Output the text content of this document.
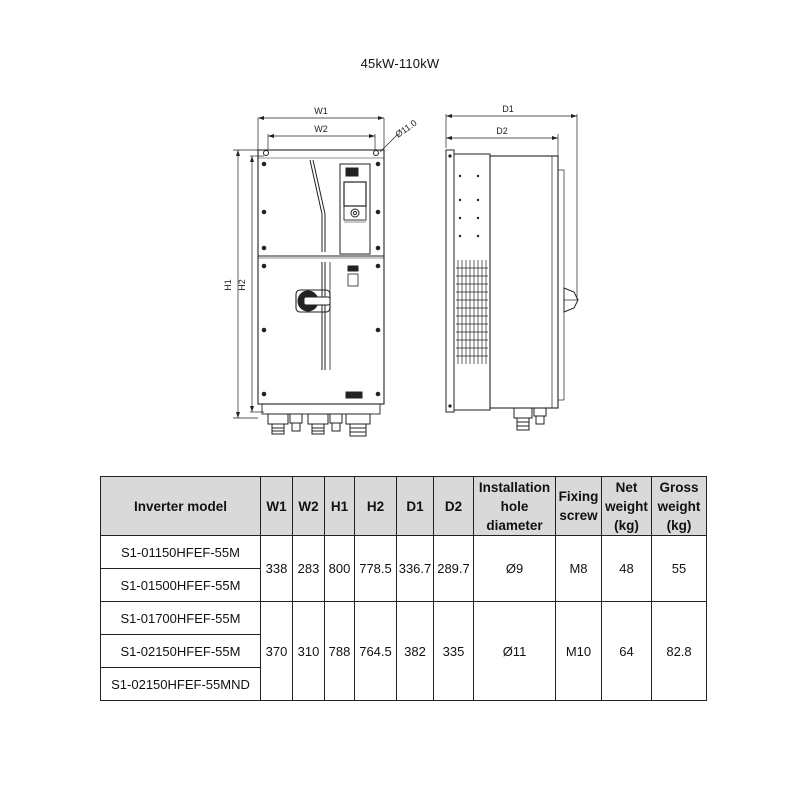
45kW-110kW
W1
W2	Ø11.0
H1 H2
D1
D2
Inverter model	W1	W2	H1	H2	D1	D2	Installation
hole
diameter	Fixing
screw	Net
weight
(kg)	Gross
weight
(kg)
S1-01150HFEF-55M	338	283	800	778.5	336.7	289.7	Ø9	M8	48	55
S1-01500HFEF-55M										
S1-01700HFEF-55M	370	310	788	764.5	382	335	Ø11	M10	64	82.8
S1-02150HFEF-55M										
S1-02150HFEF-55MND										
